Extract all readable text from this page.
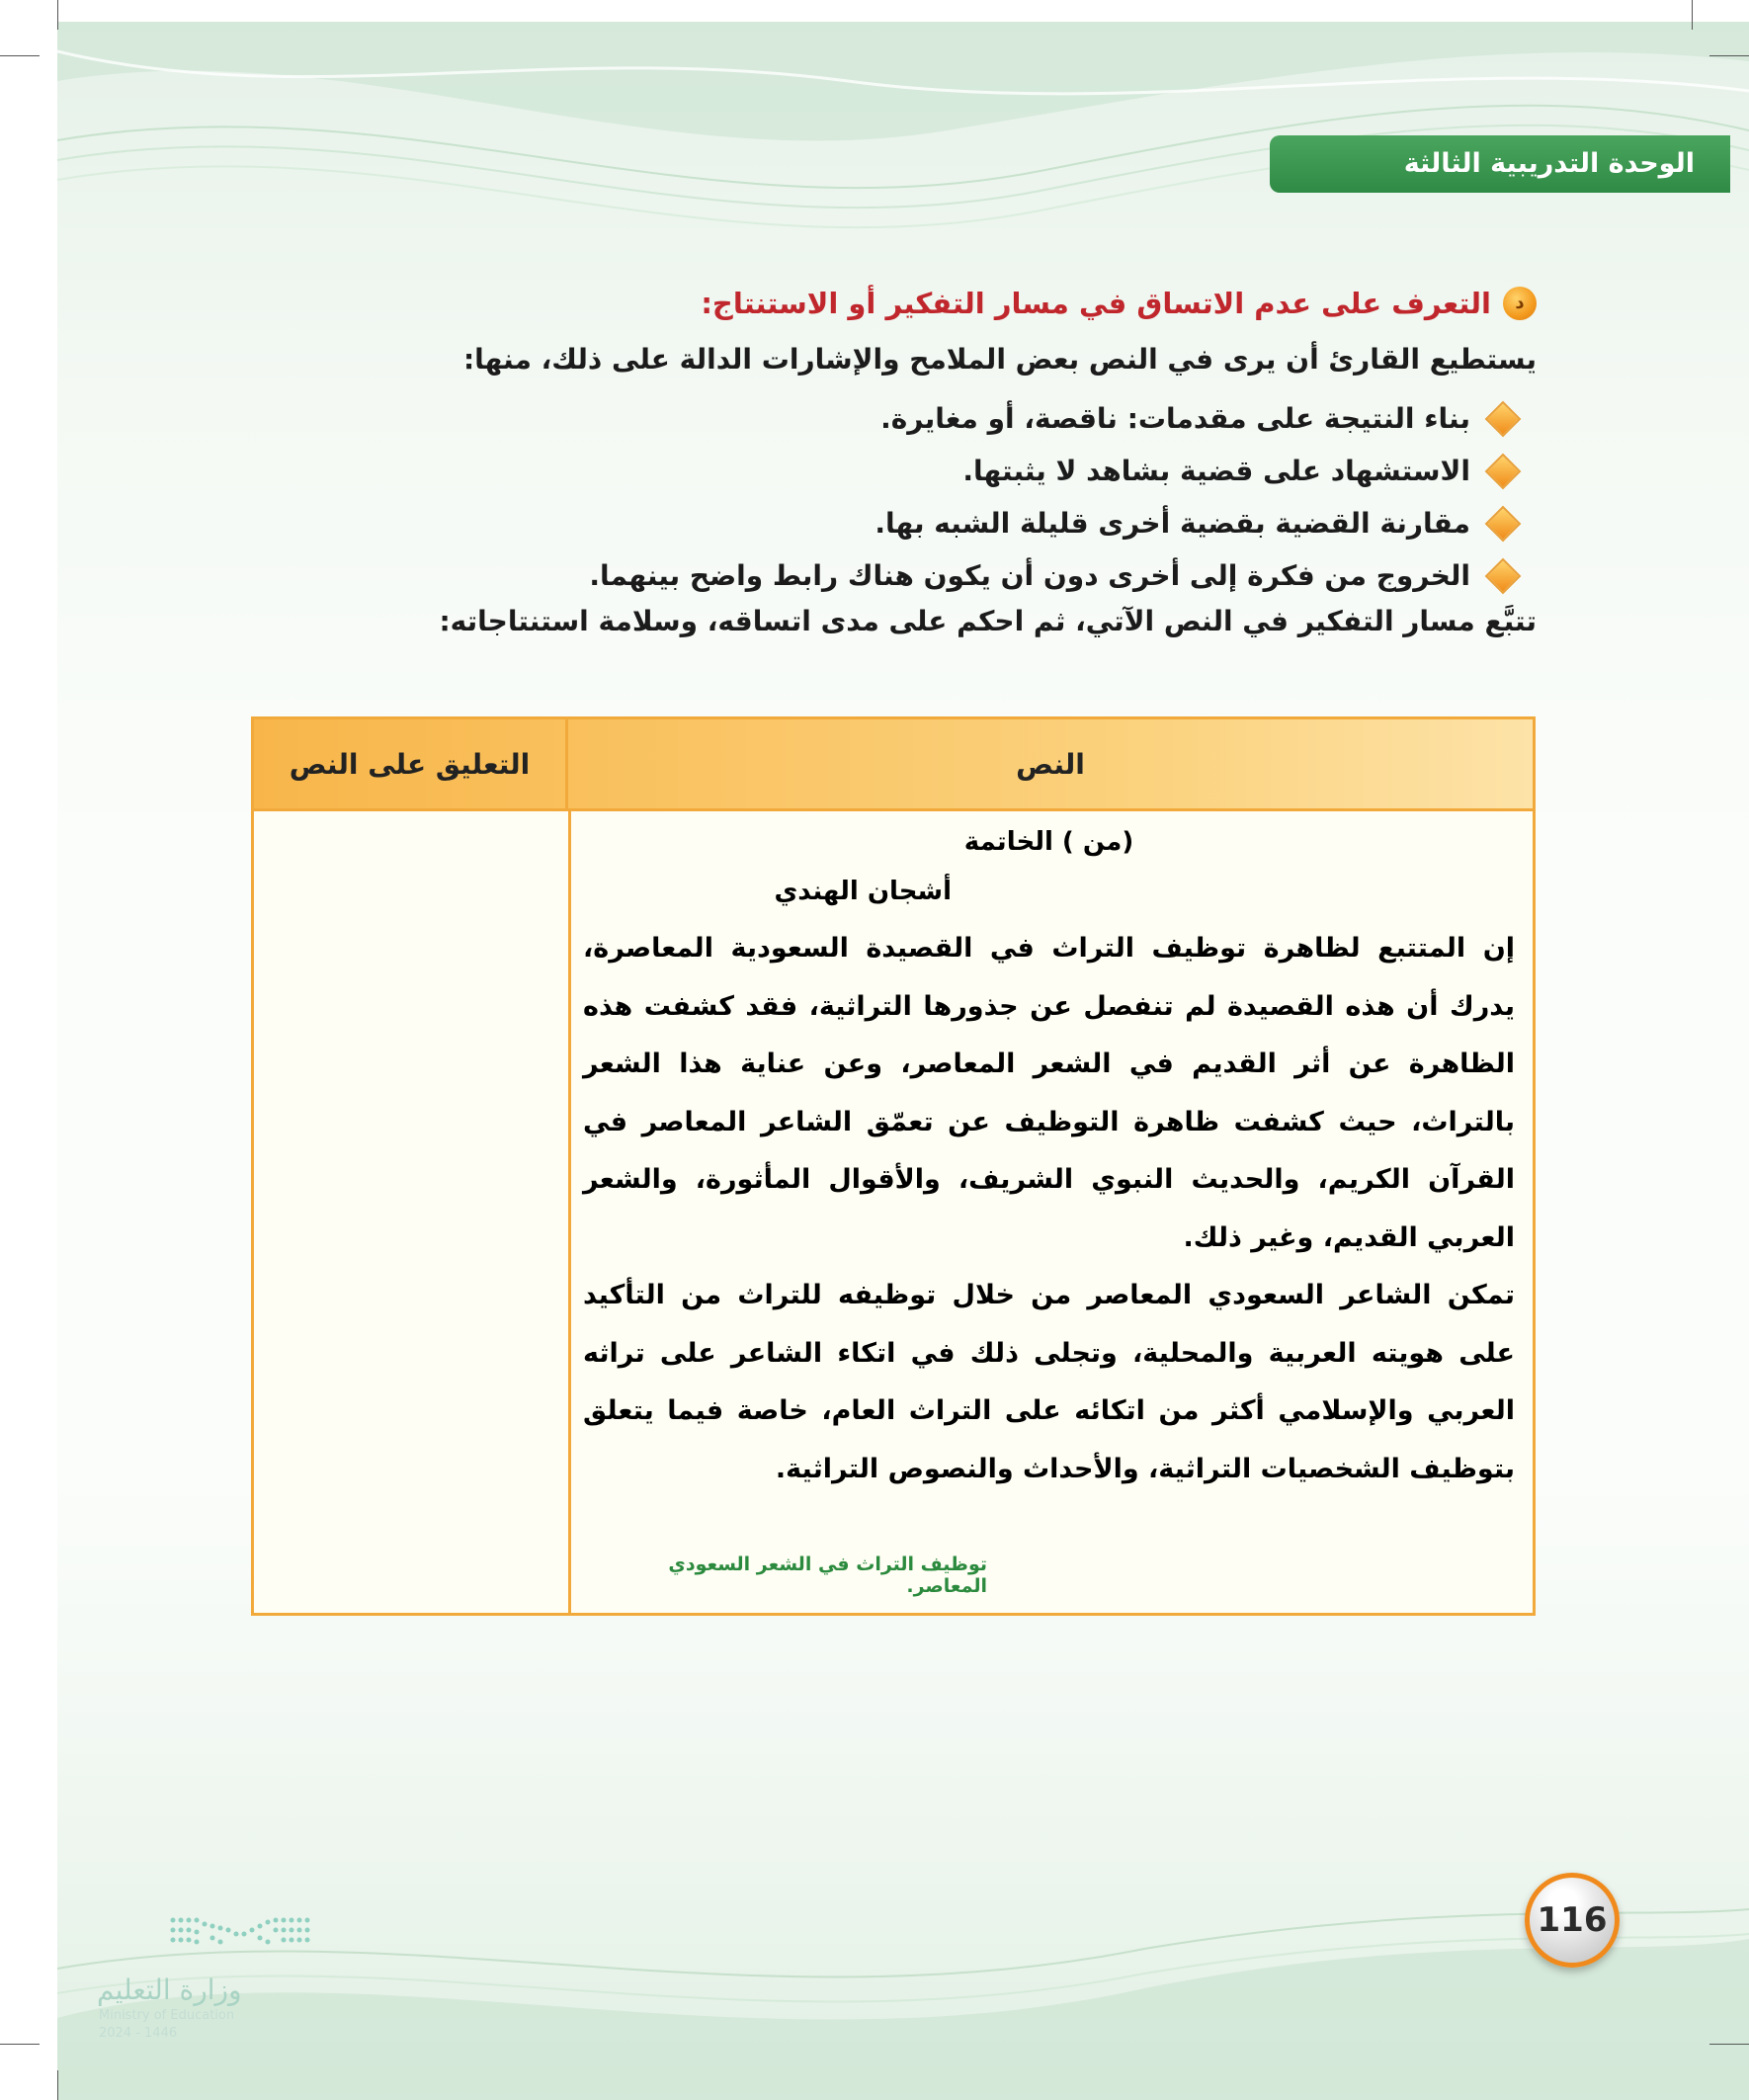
الوحدة التدريبية الثالثة
د
التعرف على عدم الاتساق في مسار التفكير أو الاستنتاج:
يستطيع القارئ أن يرى في النص بعض الملامح والإشارات الدالة على ذلك، منها:
بناء النتيجة على مقدمات: ناقصة، أو مغايرة.
الاستشهاد على قضية بشاهد لا يثبتها.
مقارنة القضية بقضية أخرى قليلة الشبه بها.
الخروج من فكرة إلى أخرى دون أن يكون هناك رابط واضح بينهما.
تتبَّع مسار التفكير في النص الآتي، ثم احكم على مدى اتساقه، وسلامة استنتاجاته:
النص
التعليق على النص
(من ) الخاتمة
أشجان الهندي

إن المتتبع لظاهرة توظيف التراث في القصيدة السعودية المعاصرة، يدرك أن هذه القصيدة لم تنفصل عن جذورها التراثية، فقد كشفت هذه الظاهرة عن أثر القديم في الشعر المعاصر، وعن عناية هذا الشعر بالتراث، حيث كشفت ظاهرة التوظيف عن تعمّق الشاعر المعاصر في القرآن الكريم، والحديث النبوي الشريف، والأقوال المأثورة، والشعر العربي القديم، وغير ذلك.

تمكن الشاعر السعودي المعاصر من خلال توظيفه للتراث من التأكيد على هويته العربية والمحلية، وتجلى ذلك في اتكاء الشاعر على تراثه العربي والإسلامي أكثر من اتكائه على التراث العام، خاصة فيما يتعلق بتوظيف الشخصيات التراثية، والأحداث والنصوص التراثية.

توظيف التراث في الشعر السعودي المعاصر.
116
وزارة التعليم
Ministry of Education
2024 - 1446
